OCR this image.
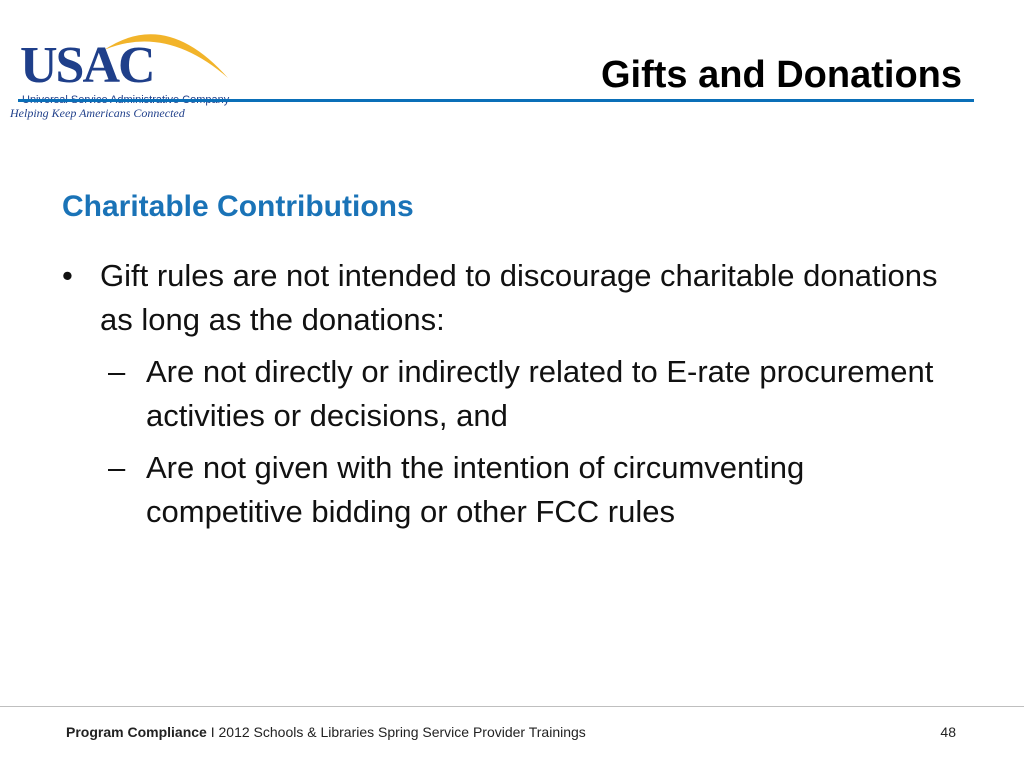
USAC
Helping Keep Americans Connected
Gifts and Donations
Charitable Contributions
• Gift rules are not intended to discourage charitable donations as long as the donations:
– Are not directly or indirectly related to E-rate procurement activities or decisions, and
– Are not given with the intention of circumventing competitive bidding or other FCC rules
Program Compliance I 2012 Schools & Libraries Spring Service Provider Trainings	48
